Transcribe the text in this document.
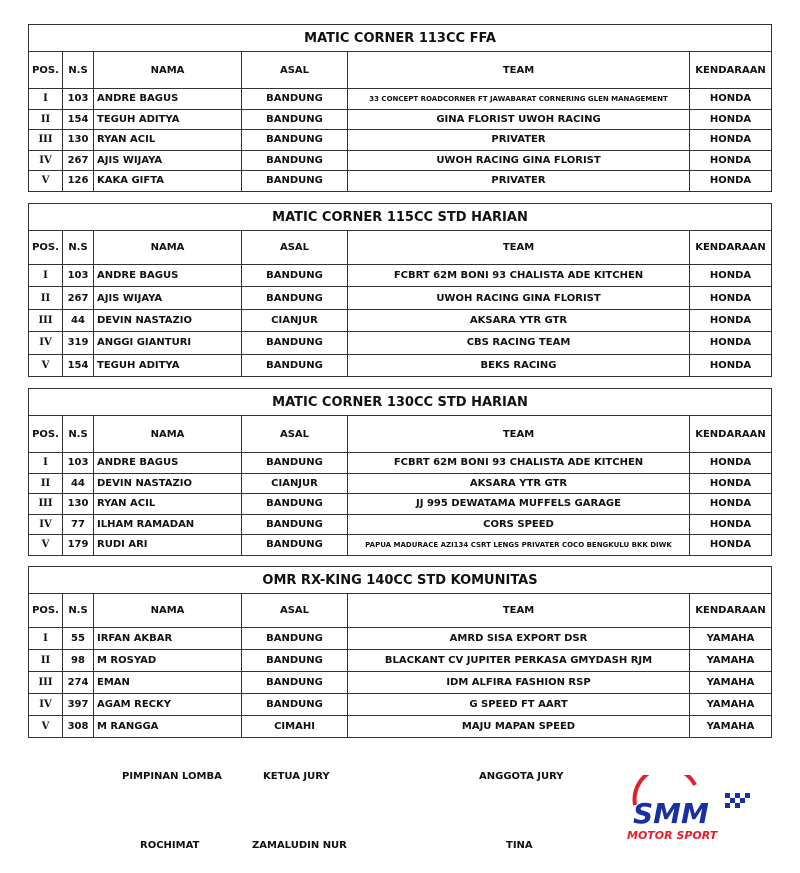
MATIC CORNER 113CC FFA					
POS.	N.S	NAMA	ASAL	TEAM	KENDARAAN
I	103	ANDRE BAGUS	BANDUNG	33 CONCEPT ROADCORNER FT JAWABARAT CORNERING GLEN MANAGEMENT	HONDA
II	154	TEGUH ADITYA	BANDUNG	GINA FLORIST UWOH RACING	HONDA
III	130	RYAN ACIL	BANDUNG	PRIVATER	HONDA
IV	267	AJIS WIJAYA	BANDUNG	UWOH RACING GINA FLORIST	HONDA
V	126	KAKA GIFTA	BANDUNG	PRIVATER	HONDA
MATIC CORNER 115CC STD HARIAN					
POS.	N.S	NAMA	ASAL	TEAM	KENDARAAN
I	103	ANDRE BAGUS	BANDUNG	FCBRT 62M BONI 93 CHALISTA ADE KITCHEN	HONDA
II	267	AJIS WIJAYA	BANDUNG	UWOH RACING GINA FLORIST	HONDA
III	44	DEVIN NASTAZIO	CIANJUR	AKSARA YTR GTR	HONDA
IV	319	ANGGI GIANTURI	BANDUNG	CBS RACING TEAM	HONDA
V	154	TEGUH ADITYA	BANDUNG	BEKS RACING	HONDA
MATIC CORNER 130CC STD HARIAN					
POS.	N.S	NAMA	ASAL	TEAM	KENDARAAN
I	103	ANDRE BAGUS	BANDUNG	FCBRT 62M BONI 93 CHALISTA ADE KITCHEN	HONDA
II	44	DEVIN NASTAZIO	CIANJUR	AKSARA YTR GTR	HONDA
III	130	RYAN ACIL	BANDUNG	JJ 995 DEWATAMA MUFFELS GARAGE	HONDA
IV	77	ILHAM RAMADAN	BANDUNG	CORS SPEED	HONDA
V	179	RUDI ARI	BANDUNG	PAPUA MADURACE AZI134 CSRT LENGS PRIVATER COCO BENGKULU BKK DIWK	HONDA
OMR RX-KING 140CC STD KOMUNITAS					
POS.	N.S	NAMA	ASAL	TEAM	KENDARAAN
I	55	IRFAN AKBAR	BANDUNG	AMRD SISA EXPORT DSR	YAMAHA
II	98	M ROSYAD	BANDUNG	BLACKANT CV JUPITER PERKASA GMYDASH RJM	YAMAHA
III	274	EMAN	BANDUNG	IDM ALFIRA FASHION RSP	YAMAHA
IV	397	AGAM RECKY	BANDUNG	G SPEED FT AART	YAMAHA
V	308	M RANGGA	CIMAHI	MAJU MAPAN SPEED	YAMAHA
PIMPINAN LOMBA	KETUA JURY	ANGGOTA JURY
ROCHIMAT	ZAMALUDIN NUR	TINA
SMM
MOTOR SPORT
